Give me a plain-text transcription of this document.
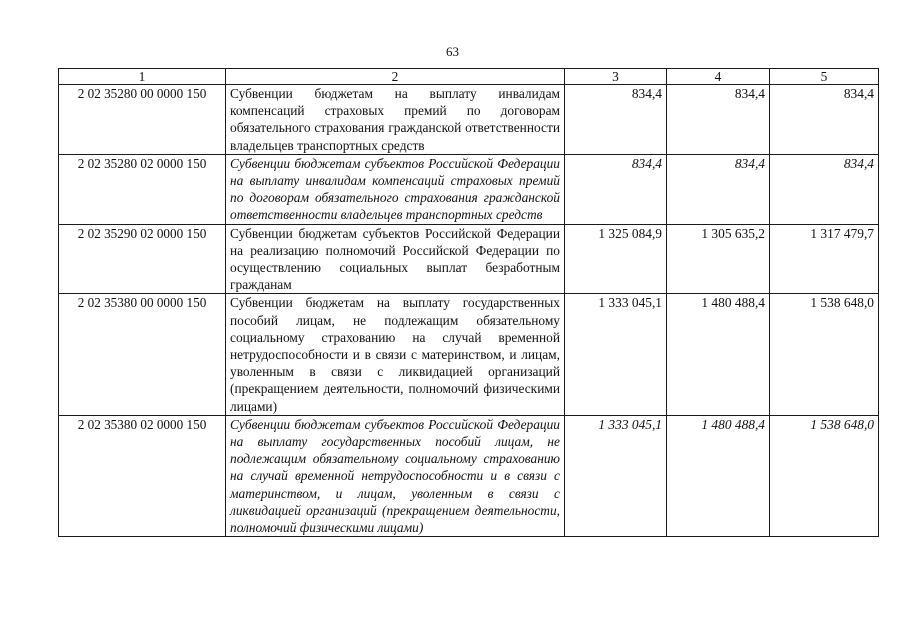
63
1	2	3	4	5
2 02 35280 00 0000 150	Субвенции бюджетам на выплату инвалидам компенсаций страховых премий по договорам обязательного страхования гражданской ответственности владельцев транспортных средств	834,4	834,4	834,4
2 02 35280 02 0000 150	Субвенции бюджетам субъектов Российской Федерации на выплату инвалидам компенсаций страховых премий по договорам обязательного страхования гражданской ответственности владельцев транспортных средств	834,4	834,4	834,4
2 02 35290 02 0000 150	Субвенции бюджетам субъектов Российской Федерации на реализацию полномочий Российской Федерации по осуществлению социальных выплат безработным гражданам	1 325 084,9	1 305 635,2	1 317 479,7
2 02 35380 00 0000 150	Субвенции бюджетам на выплату государственных пособий лицам, не подлежащим обязательному социальному страхованию на случай временной нетрудоспособности и в связи с материнством, и лицам, уволенным в связи с ликвидацией организаций (прекращением деятельности, полномочий физическими лицами)	1 333 045,1	1 480 488,4	1 538 648,0
2 02 35380 02 0000 150	Субвенции бюджетам субъектов Российской Федерации на выплату государственных пособий лицам, не подлежащим обязательному социальному страхованию на случай временной нетрудоспособности и в связи с материнством, и лицам, уволенным в связи с ликвидацией организаций (прекращением деятельности, полномочий физическими лицами)	1 333 045,1	1 480 488,4	1 538 648,0
